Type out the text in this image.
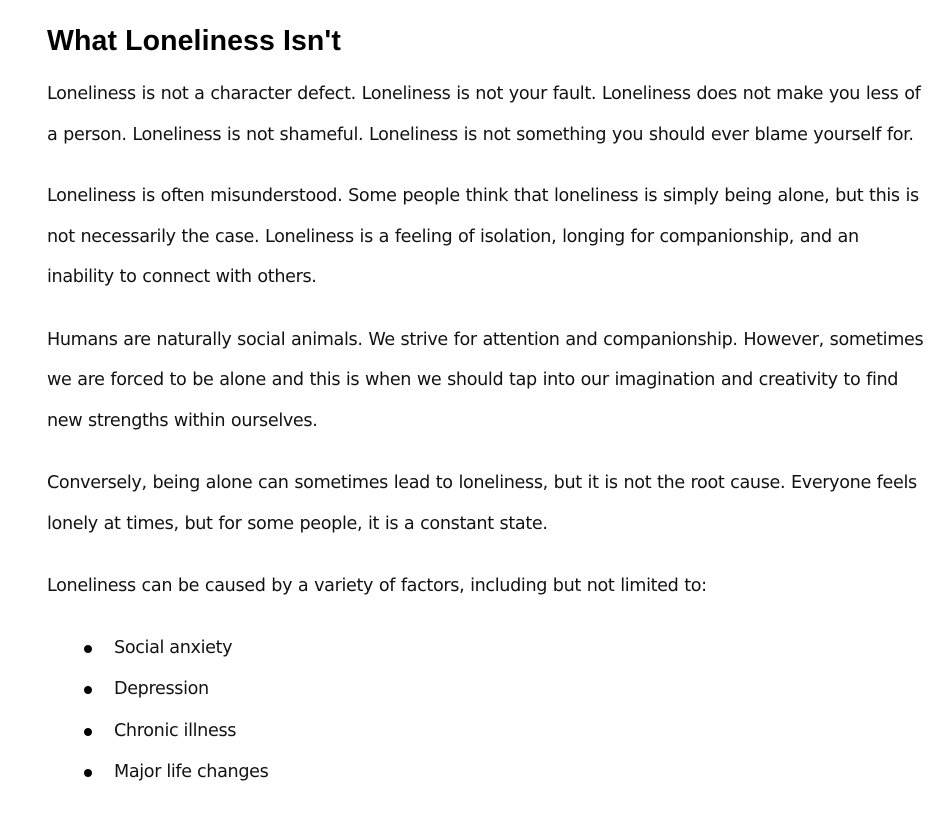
What Loneliness Isn't

Loneliness is not a character defect. Loneliness is not your fault. Loneliness does not make you less of a person. Loneliness is not shameful. Loneliness is not something you should ever blame yourself for.

Loneliness is often misunderstood. Some people think that loneliness is simply being alone, but this is not necessarily the case. Loneliness is a feeling of isolation, longing for companionship, and an inability to connect with others.

Humans are naturally social animals. We strive for attention and companionship. However, sometimes we are forced to be alone and this is when we should tap into our imagination and creativity to find new strengths within ourselves.

Conversely, being alone can sometimes lead to loneliness, but it is not the root cause. Everyone feels lonely at times, but for some people, it is a constant state.

Loneliness can be caused by a variety of factors, including but not limited to:

Social anxiety
Depression
Chronic illness
Major life changes
